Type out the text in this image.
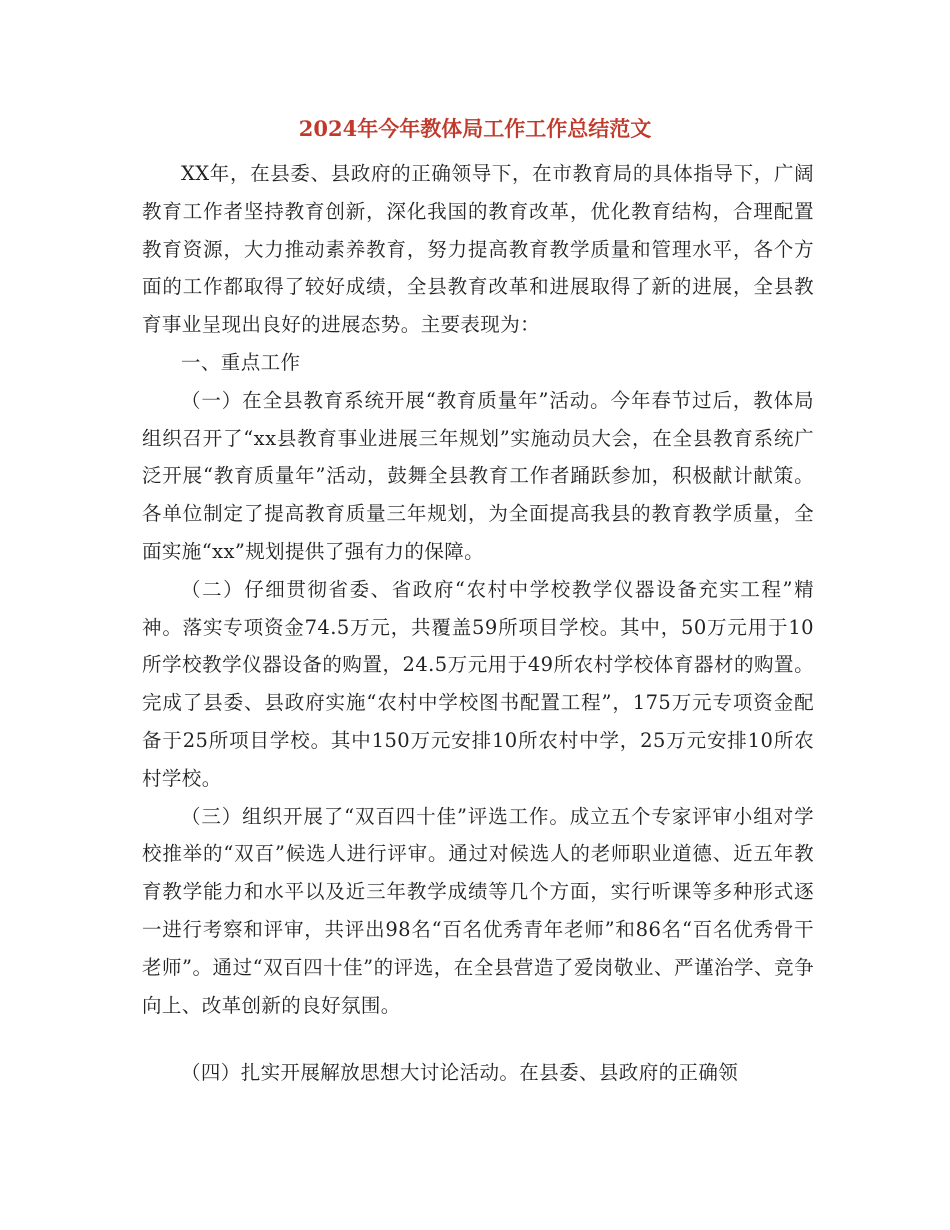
2024年今年教体局工作工作总结范文

XX年，在县委、县政府的正确领导下，在市教育局的具体指导下，广阔教育工作者坚持教育创新，深化我国的教育改革，优化教育结构，合理配置教育资源，大力推动素养教育，努力提高教育教学质量和管理水平，各个方面的工作都取得了较好成绩，全县教育改革和进展取得了新的进展，全县教育事业呈现出良好的进展态势。主要表现为：

一、重点工作

（一）在全县教育系统开展“教育质量年”活动。今年春节过后，教体局组织召开了“xx县教育事业进展三年规划”实施动员大会，在全县教育系统广泛开展“教育质量年”活动，鼓舞全县教育工作者踊跃参加，积极献计献策。各单位制定了提高教育质量三年规划，为全面提高我县的教育教学质量，全面实施“xx”规划提供了强有力的保障。

（二）仔细贯彻省委、省政府“农村中学校教学仪器设备充实工程”精神。落实专项资金74.5万元，共覆盖59所项目学校。其中，50万元用于10所学校教学仪器设备的购置，24.5万元用于49所农村学校体育器材的购置。完成了县委、县政府实施“农村中学校图书配置工程”，175万元专项资金配备于25所项目学校。其中150万元安排10所农村中学，25万元安排10所农村学校。

（三）组织开展了“双百四十佳”评选工作。成立五个专家评审小组对学校推举的“双百”候选人进行评审。通过对候选人的老师职业道德、近五年教育教学能力和水平以及近三年教学成绩等几个方面，实行听课等多种形式逐一进行考察和评审，共评出98名“百名优秀青年老师”和86名“百名优秀骨干老师”。通过“双百四十佳”的评选，在全县营造了爱岗敬业、严谨治学、竞争向上、改革创新的良好氛围。

（四）扎实开展解放思想大讨论活动。在县委、县政府的正确领
